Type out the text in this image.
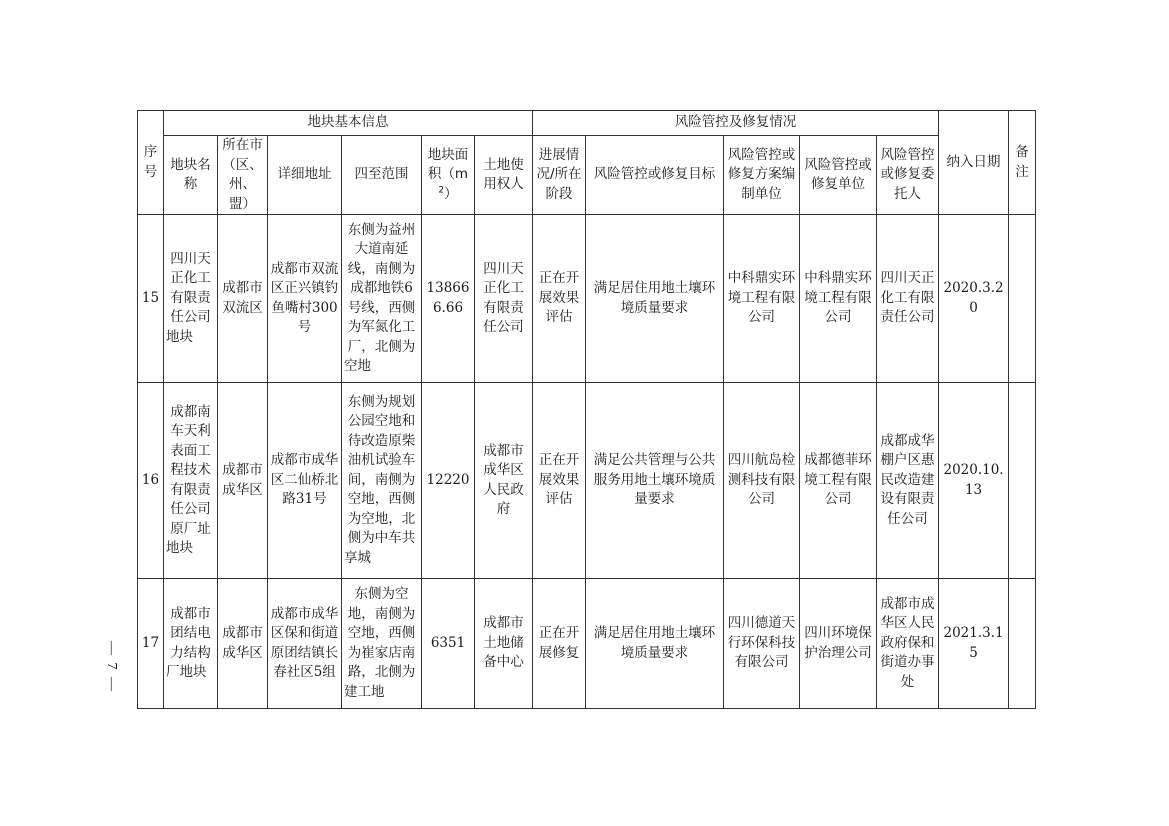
— 7 —
序号	地块基本信息						风险管控及修复情况					纳入日期	备注
	地块名称	所在市（区、州、盟）	详细地址	四至范围	地块面积$(m^2)$	土地使用权人	进展情况/所在阶段	风险管控或修复目标	风险管控或修复方案编制单位	风险管控或修复单位	风险管控或修复委托人		
15	四川天正化工有限责任公司地块	成都市双流区	成都市双流区正兴镇钓鱼嘴村300号	东侧为益州大道南延线，南侧为成都地铁6号线，西侧为军氮化工厂，北侧为空地	138666.66	四川天正化工有限责任公司	正在开展效果评估	满足居住用地土壤环境质量要求	中科鼎实环境工程有限公司	中科鼎实环境工程有限公司	四川天正化工有限责任公司	2020.3.20	
16	成都南车天利表面工程技术有限责任公司原厂址地块	成都市成华区	成都市成华区二仙桥北路31号	东侧为规划公园空地和待改造原柴油机试验车间，南侧为空地，西侧为空地，北侧为中车共享城	12220	成都市成华区人民政府	正在开展效果评估	满足公共管理与公共服务用地土壤环境质量要求	四川航岛检测科技有限公司	成都德菲环境工程有限公司	成都成华棚户区惠民改造建设有限责任公司	2020.10.13	
17	成都市团结电力结构厂地块	成都市成华区	成都市成华区保和街道原团结镇长春社区5组	东侧为空地，南侧为空地，西侧为崔家店南路，北侧为建工地	6351	成都市土地储备中心	正在开展修复	满足居住用地土壤环境质量要求	四川德道天行环保科技有限公司	四川环境保护治理公司	成都市成华区人民政府保和街道办事处	2021.3.15	
